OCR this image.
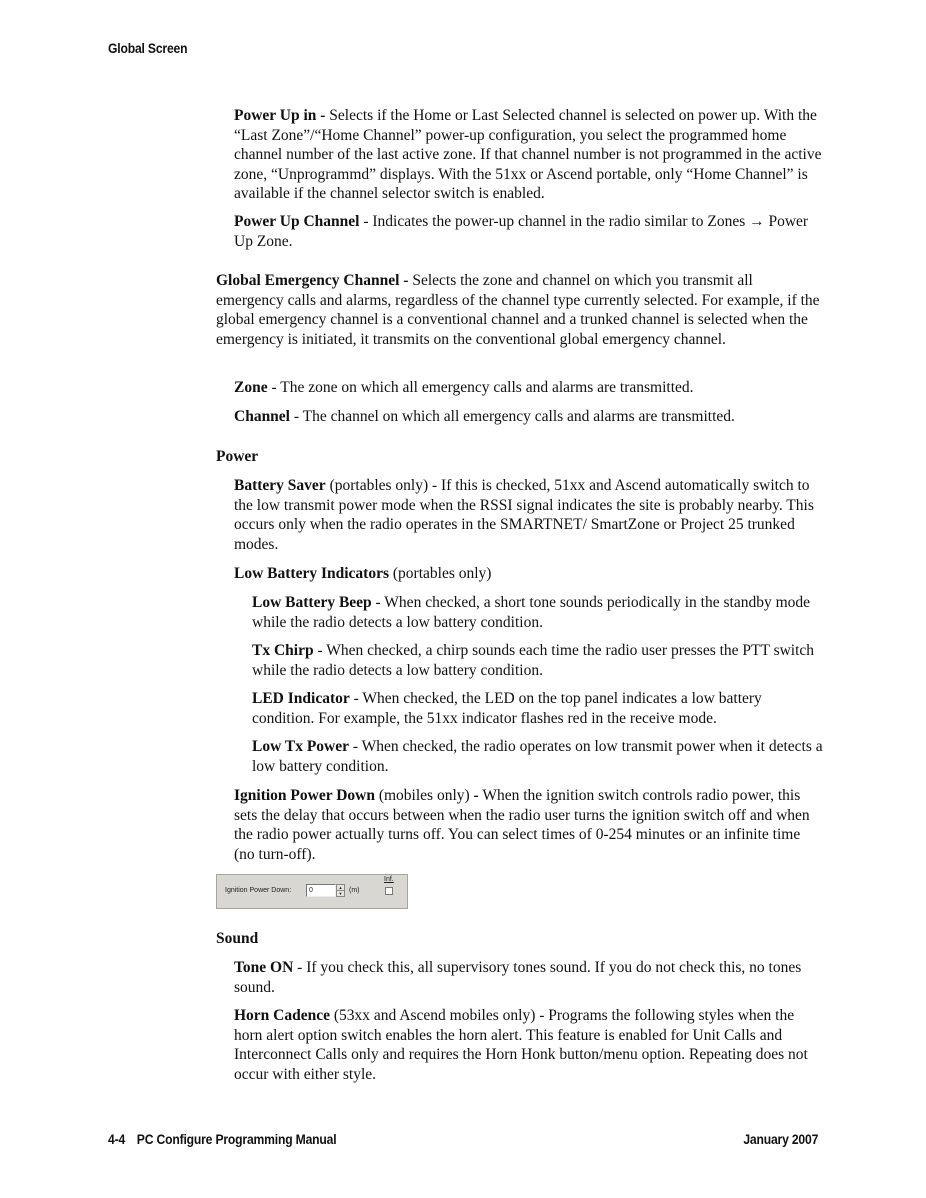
Global Screen

Power Up in - Selects if the Home or Last Selected channel is selected on power up. With the “Last Zone”/“Home Channel” power-up configuration, you select the programmed home channel number of the last active zone. If that channel number is not programmed in the active zone, “Unprogrammd” displays. With the 51xx or Ascend portable, only “Home Channel” is available if the channel selector switch is enabled.

Power Up Channel - Indicates the power-up channel in the radio similar to Zones → Power Up Zone.

Global Emergency Channel - Selects the zone and channel on which you transmit all emergency calls and alarms, regardless of the channel type currently selected. For example, if the global emergency channel is a conventional channel and a trunked channel is selected when the emergency is initiated, it transmits on the conventional global emergency channel.

Zone - The zone on which all emergency calls and alarms are transmitted.

Channel - The channel on which all emergency calls and alarms are transmitted.

Power

Battery Saver (portables only) - If this is checked, 51xx and Ascend automatically switch to the low transmit power mode when the RSSI signal indicates the site is probably nearby. This occurs only when the radio operates in the SMARTNET/ SmartZone or Project 25 trunked modes.

Low Battery Indicators (portables only)

Low Battery Beep - When checked, a short tone sounds periodically in the standby mode while the radio detects a low battery condition.

Tx Chirp - When checked, a chirp sounds each time the radio user presses the PTT switch while the radio detects a low battery condition.

LED Indicator - When checked, the LED on the top panel indicates a low battery condition. For example, the 51xx indicator flashes red in the receive mode.

Low Tx Power - When checked, the radio operates on low transmit power when it detects a low battery condition.

Ignition Power Down (mobiles only) - When the ignition switch controls radio power, this sets the delay that occurs between when the radio user turns the ignition switch off and when the radio power actually turns off. You can select times of 0-254 minutes or an infinite time (no turn-off).

Ignition Power Down:	0	▲
▼ (m)
Inf.

Sound

Tone ON - If you check this, all supervisory tones sound. If you do not check this, no tones sound.

Horn Cadence (53xx and Ascend mobiles only) - Programs the following styles when the horn alert option switch enables the horn alert. This feature is enabled for Unit Calls and Interconnect Calls only and requires the Horn Honk button/menu option. Repeating does not occur with either style.

4-4 PC Configure Programming Manual	January 2007
